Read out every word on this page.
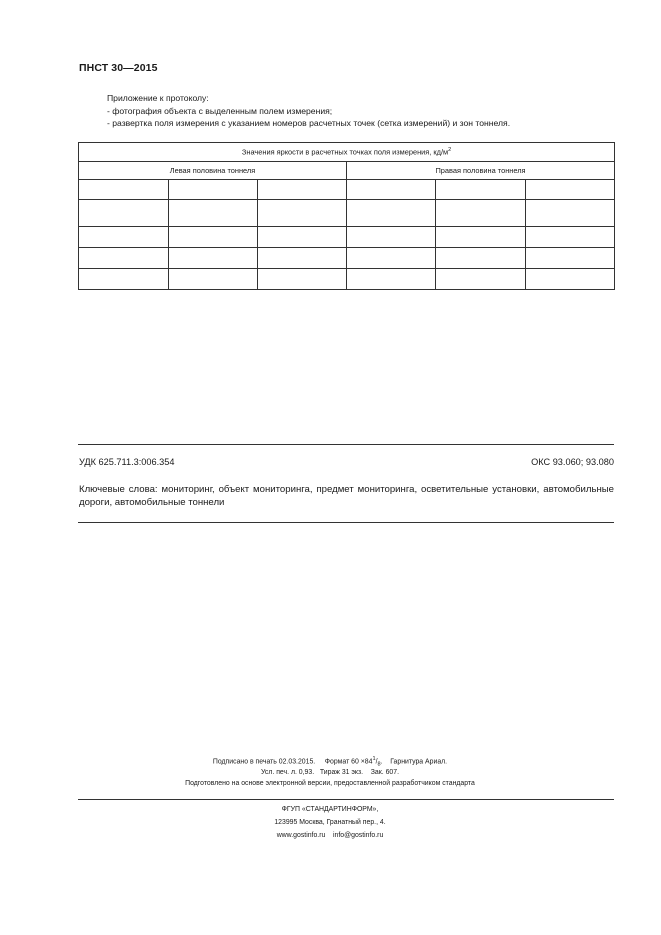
ПНСТ 30—2015
Приложение к протоколу:
- фотография объекта с выделенным полем измерения;
- развертка поля измерения с указанием номеров расчетных точек (сетка измерений) и зон тоннеля.
Значения яркости в расчетных точках поля измерения, $кд/м^2$
Левая половина тоннеля			Правая половина тоннеля		

УДК 625.711.3:006.354	ОКС 93.060; 93.080
Ключевые слова: мониторинг, объект мониторинга, предмет мониторинга, осветительные установки, автомобильные дороги, автомобильные тоннели
Подписано в печать 02.03.2015. Формат $60 \times 84^1/_8$.    Гарнитура Ариал.
Усл. печ. л. 0,93. Тираж 31 экз. Зак. 607.
Подготовлено на основе электронной версии, предоставленной разработчиком стандарта
ФГУП «СТАНДАРТИНФОРМ»,
123995 Москва, Гранатный пер., 4.
www.gostinfo.ru info@gostinfo.ru
